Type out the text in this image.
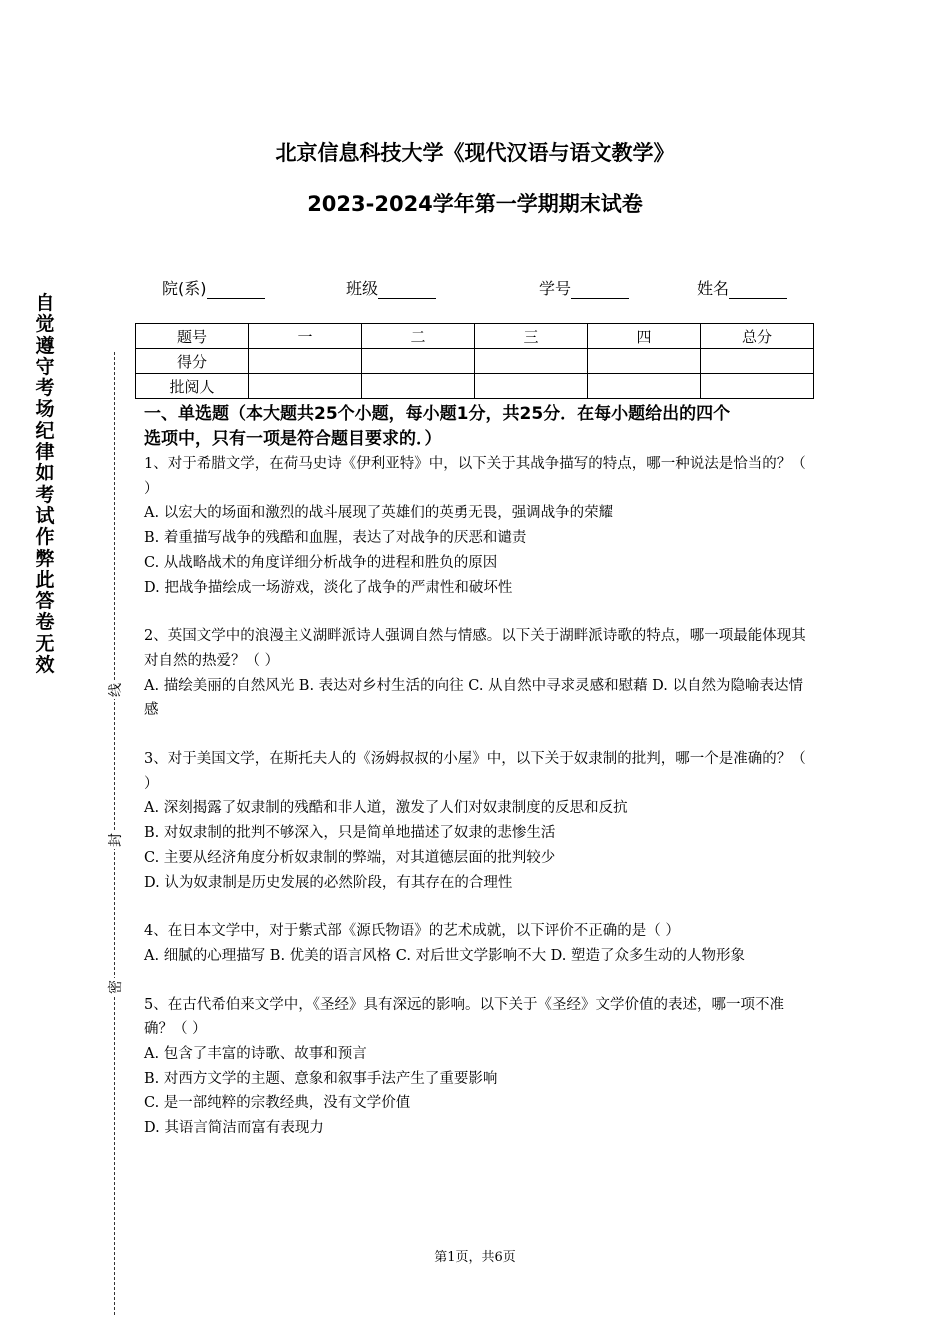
北京信息科技大学《现代汉语与语文教学》
2023-2024学年第一学期期末试卷
院(系)	班级	学号	姓名
自
觉
遵
守
考
场
纪
律
如
考
试
作
弊
此
答
卷
无
效
线
封
密
题号	一	二	三	四	总分
得分					
批阅人					
一、单选题（本大题共25个小题，每小题1分，共25分．在每小题给出的四个
选项中，只有一项是符合题目要求的．）

1、对于希腊文学，在荷马史诗《伊利亚特》中，以下关于其战争描写的特点，哪一种说法是恰当的？（ ）

A. 以宏大的场面和激烈的战斗展现了英雄们的英勇无畏，强调战争的荣耀

B. 着重描写战争的残酷和血腥，表达了对战争的厌恶和谴责

C. 从战略战术的角度详细分析战争的进程和胜负的原因

D. 把战争描绘成一场游戏，淡化了战争的严肃性和破坏性

2、英国文学中的浪漫主义湖畔派诗人强调自然与情感。以下关于湖畔派诗歌的特点，哪一项最能体现其对自然的热爱？（ ）

A. 描绘美丽的自然风光 B. 表达对乡村生活的向往 C. 从自然中寻求灵感和慰藉 D. 以自然为隐喻表达情感

3、对于美国文学，在斯托夫人的《汤姆叔叔的小屋》中，以下关于奴隶制的批判，哪一个是准确的？（ ）

A. 深刻揭露了奴隶制的残酷和非人道，激发了人们对奴隶制度的反思和反抗

B. 对奴隶制的批判不够深入，只是简单地描述了奴隶的悲惨生活

C. 主要从经济角度分析奴隶制的弊端，对其道德层面的批判较少

D. 认为奴隶制是历史发展的必然阶段，有其存在的合理性

4、在日本文学中，对于紫式部《源氏物语》的艺术成就，以下评价不正确的是（ ）

A. 细腻的心理描写 B. 优美的语言风格 C. 对后世文学影响不大 D. 塑造了众多生动的人物形象

5、在古代希伯来文学中，《圣经》具有深远的影响。以下关于《圣经》文学价值的表述，哪一项不准确？（ ）

A. 包含了丰富的诗歌、故事和预言

B. 对西方文学的主题、意象和叙事手法产生了重要影响

C. 是一部纯粹的宗教经典，没有文学价值

D. 其语言简洁而富有表现力

第1页，共6页
